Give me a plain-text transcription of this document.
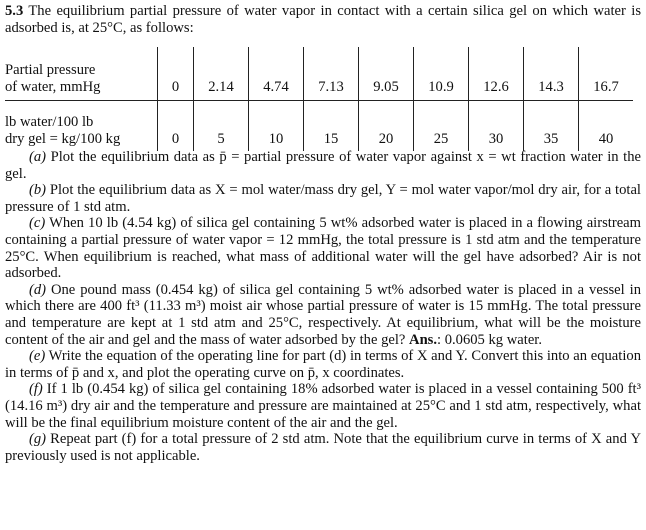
5.3 The equilibrium partial pressure of water vapor in contact with a certain silica gel on which water is adsorbed is, at 25°C, as follows:

Partial pressure
of water, mmHg	0	2.14	4.74	7.13	9.05	10.9	12.6	14.3	16.7

lb water/100 lb
dry gel = kg/100 kg	0	5	10	15	20	25	30	35	40

(a) Plot the equilibrium data as p̄ = partial pressure of water vapor against x = wt fraction water in the gel.

(b) Plot the equilibrium data as X = mol water/mass dry gel, Y = mol water vapor/mol dry air, for a total pressure of 1 std atm.

(c) When 10 lb (4.54 kg) of silica gel containing 5 wt% adsorbed water is placed in a flowing airstream containing a partial pressure of water vapor = 12 mmHg, the total pressure is 1 std atm and the temperature 25°C. When equilibrium is reached, what mass of additional water will the gel have adsorbed? Air is not adsorbed.

(d) One pound mass (0.454 kg) of silica gel containing 5 wt% adsorbed water is placed in a vessel in which there are 400 ft³ (11.33 m³) moist air whose partial pressure of water is 15 mmHg. The total pressure and temperature are kept at 1 std atm and 25°C, respectively. At equilibrium, what will be the moisture content of the air and gel and the mass of water adsorbed by the gel? Ans.: 0.0605 kg water.

(e) Write the equation of the operating line for part (d) in terms of X and Y. Convert this into an equation in terms of p̄ and x, and plot the operating curve on p̄, x coordinates.

(f) If 1 lb (0.454 kg) of silica gel containing 18% adsorbed water is placed in a vessel containing 500 ft³ (14.16 m³) dry air and the temperature and pressure are maintained at 25°C and 1 std atm, respectively, what will be the final equilibrium moisture content of the air and the gel.

(g) Repeat part (f) for a total pressure of 2 std atm. Note that the equilibrium curve in terms of X and Y previously used is not applicable.
